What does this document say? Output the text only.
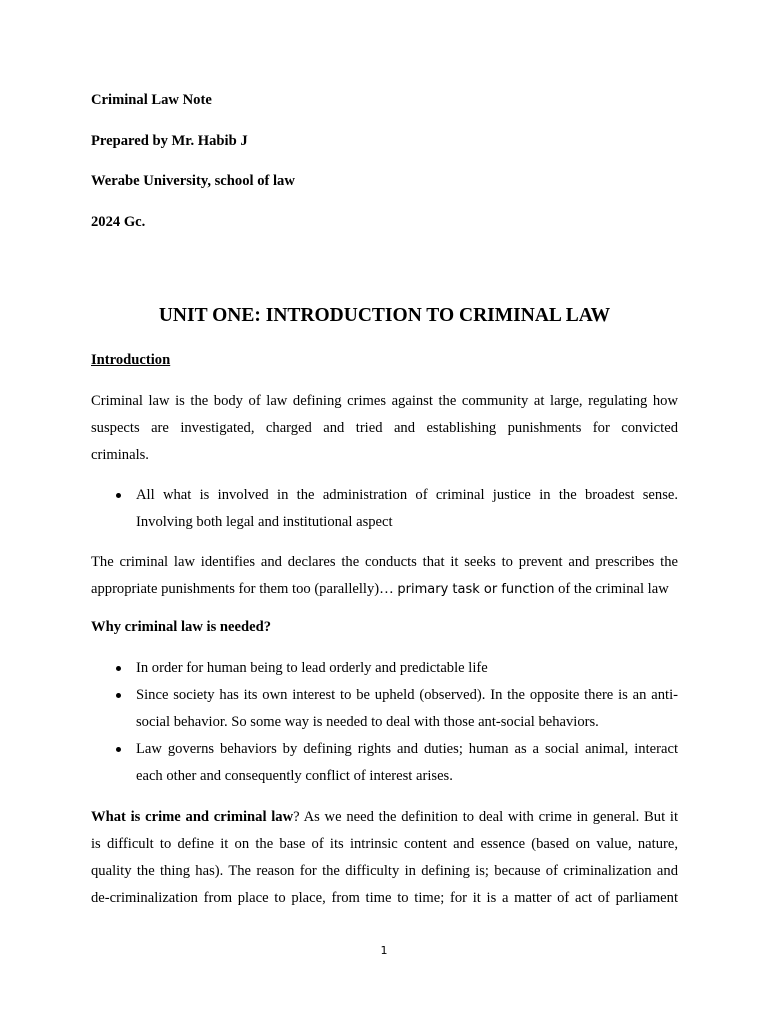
Criminal Law Note
Prepared by Mr. Habib J
Werabe University, school of law
2024 Gc.
UNIT ONE: INTRODUCTION TO CRIMINAL LAW
Introduction

Criminal law is the body of law defining crimes against the community at large, regulating how

suspects are investigated, charged and tried and establishing punishments for convicted

criminals.

All what is involved in the administration of criminal justice in the broadest sense.
Involving both legal and institutional aspect

The criminal law identifies and declares the conducts that it seeks to prevent and prescribes the

appropriate punishments for them too (parallelly)… primary task or function of the criminal law

Why criminal law is needed?
In order for human being to lead orderly and predictable life
Since society has its own interest to be upheld (observed). In the opposite there is an anti-
social behavior. So some way is needed to deal with those ant-social behaviors.
Law governs behaviors by defining rights and duties; human as a social animal, interact
each other and consequently conflict of interest arises.

What is crime and criminal law? As we need the definition to deal with crime in general. But it

is difficult to define it on the base of its intrinsic content and essence (based on value, nature,

quality the thing has). The reason for the difficulty in defining is; because of criminalization and

de-criminalization from place to place, from time to time; for it is a matter of act of parliament

1
